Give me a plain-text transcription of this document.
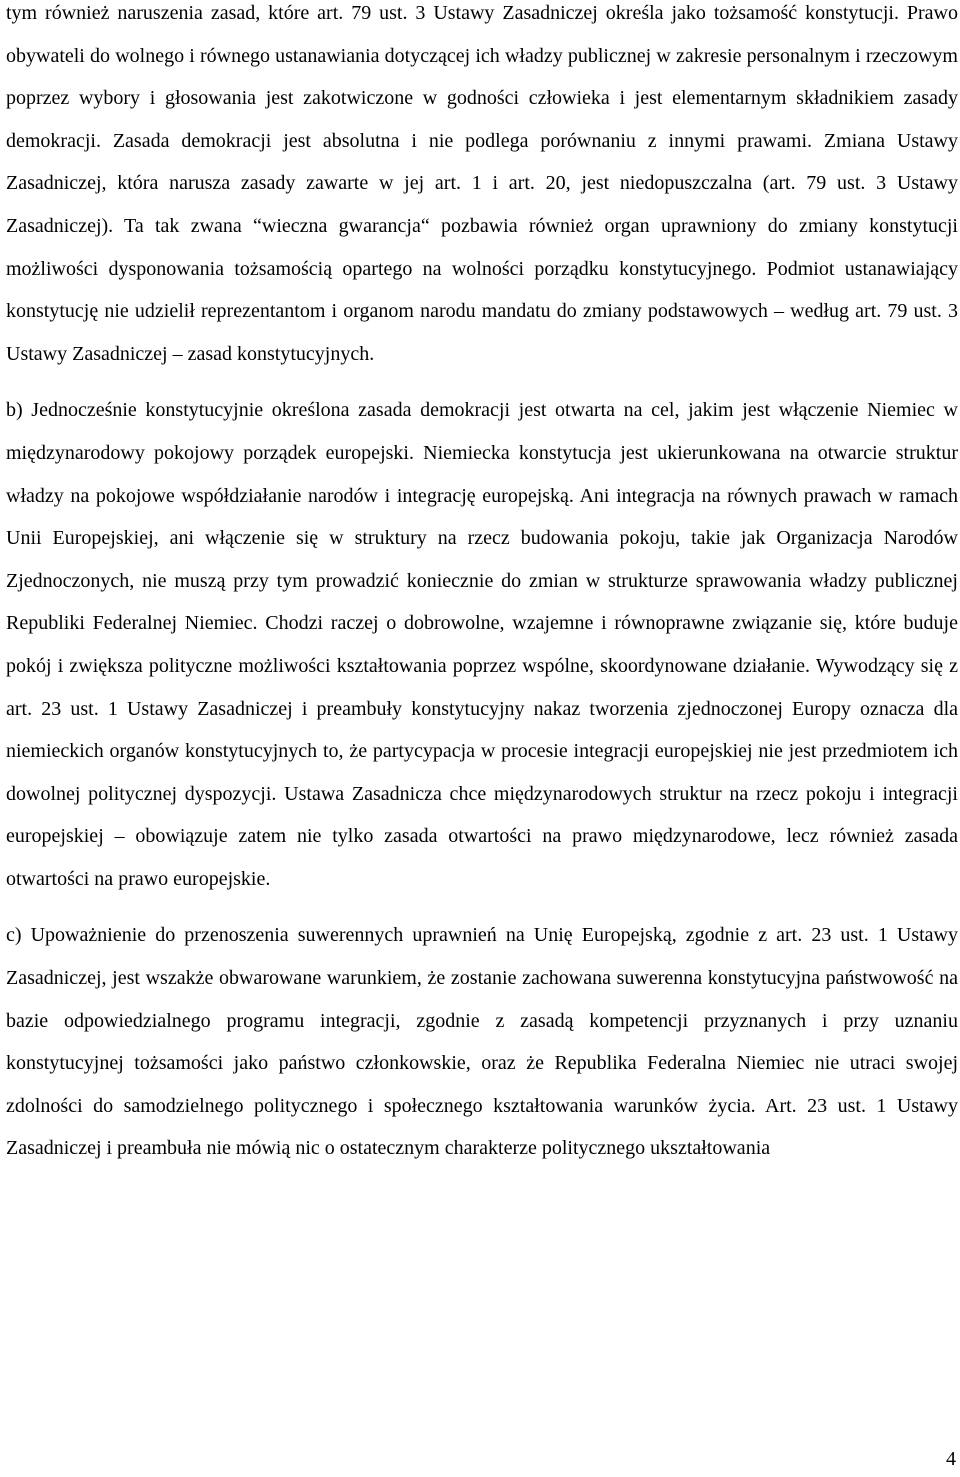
tym również naruszenia zasad, które art. 79 ust. 3 Ustawy Zasadniczej określa jako tożsamość konstytucji. Prawo obywateli do wolnego i równego ustanawiania dotyczącej ich władzy publicznej w zakresie personalnym i rzeczowym poprzez wybory i głosowania jest zakotwiczone w godności człowieka i jest elementarnym składnikiem zasady demokracji. Zasada demokracji jest absolutna i nie podlega porównaniu z innymi prawami. Zmiana Ustawy Zasadniczej, która narusza zasady zawarte w jej art. 1 i art. 20, jest niedopuszczalna (art. 79 ust. 3 Ustawy Zasadniczej). Ta tak zwana “wieczna gwarancja“ pozbawia również organ uprawniony do zmiany konstytucji możliwości dysponowania tożsamością opartego na wolności porządku konstytucyjnego. Podmiot ustanawiający konstytucję nie udzielił reprezentantom i organom narodu mandatu do zmiany podstawowych – według art. 79 ust. 3 Ustawy Zasadniczej – zasad konstytucyjnych.

b) Jednocześnie konstytucyjnie określona zasada demokracji jest otwarta na cel, jakim jest włączenie Niemiec w międzynarodowy pokojowy porządek europejski. Niemiecka konstytucja jest ukierunkowana na otwarcie struktur władzy na pokojowe współdziałanie narodów i integrację europejską. Ani integracja na równych prawach w ramach Unii Europejskiej, ani włączenie się w struktury na rzecz budowania pokoju, takie jak Organizacja Narodów Zjednoczonych, nie muszą przy tym prowadzić koniecznie do zmian w strukturze sprawowania władzy publicznej Republiki Federalnej Niemiec. Chodzi raczej o dobrowolne, wzajemne i równoprawne związanie się, które buduje pokój i zwiększa polityczne możliwości kształtowania poprzez wspólne, skoordynowane działanie. Wywodzący się z art. 23 ust. 1 Ustawy Zasadniczej i preambuły konstytucyjny nakaz tworzenia zjednoczonej Europy oznacza dla niemieckich organów konstytucyjnych to, że partycypacja w procesie integracji europejskiej nie jest przedmiotem ich dowolnej politycznej dyspozycji. Ustawa Zasadnicza chce międzynarodowych struktur na rzecz pokoju i integracji europejskiej – obowiązuje zatem nie tylko zasada otwartości na prawo międzynarodowe, lecz również zasada otwartości na prawo europejskie.

c) Upoważnienie do przenoszenia suwerennych uprawnień na Unię Europejską, zgodnie z art. 23 ust. 1 Ustawy Zasadniczej, jest wszakże obwarowane warunkiem, że zostanie zachowana suwerenna konstytucyjna państwowość na bazie odpowiedzialnego programu integracji, zgodnie z zasadą kompetencji przyznanych i przy uznaniu konstytucyjnej tożsamości jako państwo członkowskie, oraz że Republika Federalna Niemiec nie utraci swojej zdolności do samodzielnego politycznego i społecznego kształtowania warunków życia. Art. 23 ust. 1 Ustawy Zasadniczej i preambuła nie mówią nic o ostatecznym charakterze politycznego ukształtowania

4
